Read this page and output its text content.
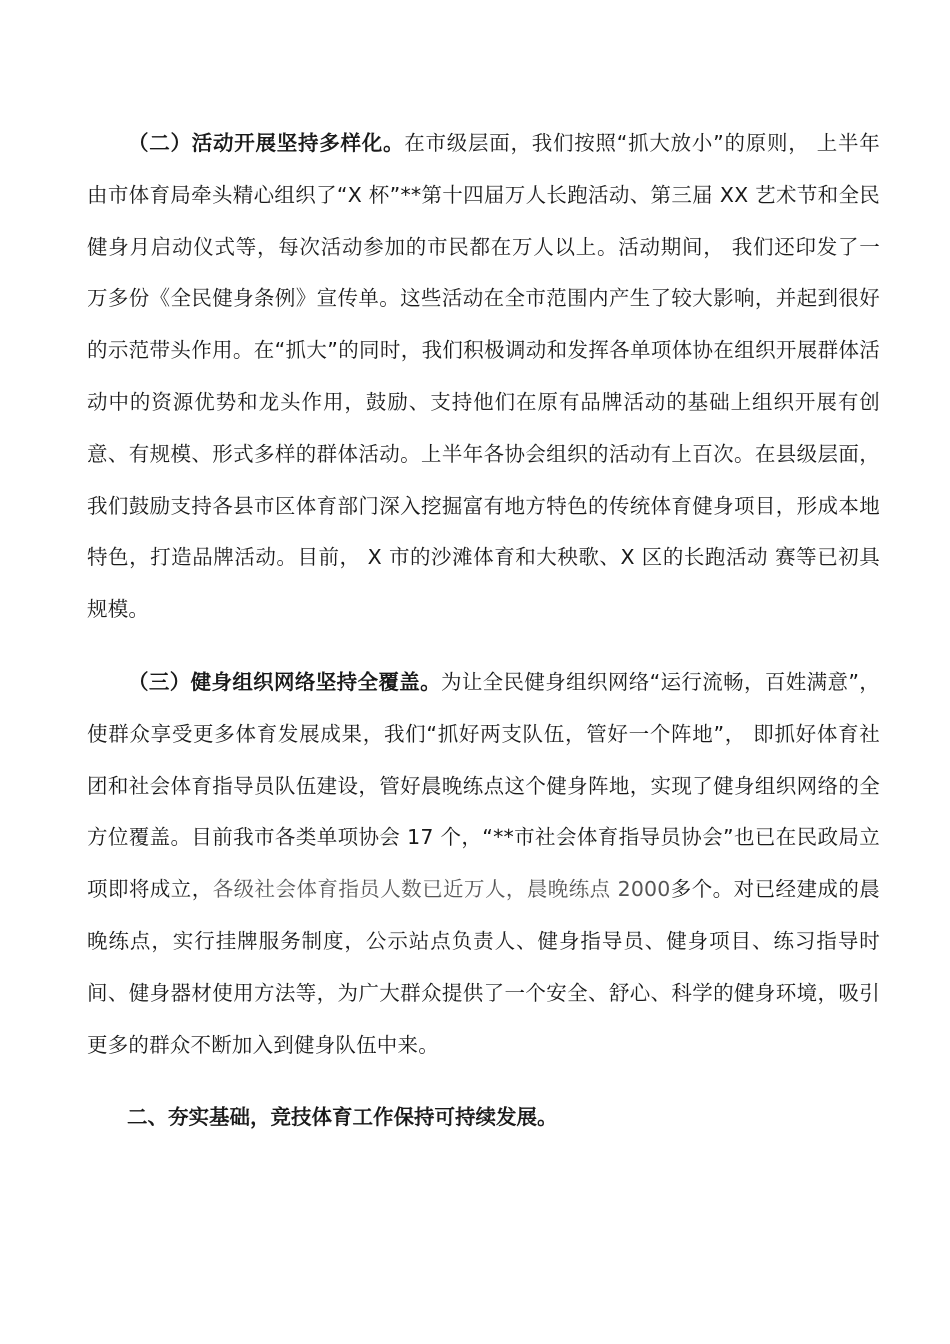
（二）活动开展坚持多样化。在市级层面，我们按照“抓大放小”的原则， 上半年由市体育局牵头精心组织了“X 杯”**第十四届万人长跑活动、第三届 XX 艺术节和全民健身月启动仪式等，每次活动参加的市民都在万人以上。活动期间， 我们还印发了一万多份《全民健身条例》宣传单。这些活动在全市范围内产生了较大影响，并起到很好的示范带头作用。在“抓大”的同时，我们积极调动和发挥各单项体协在组织开展群体活动中的资源优势和龙头作用，鼓励、支持他们在原有品牌活动的基础上组织开展有创意、有规模、形式多样的群体活动。上半年各协会组织的活动有上百次。在县级层面，我们鼓励支持各县市区体育部门深入挖掘富有地方特色的传统体育健身项目，形成本地特色，打造品牌活动。目前， X 市的沙滩体育和大秧歌、X 区的长跑活动 赛等已初具规模。

（三）健身组织网络坚持全覆盖。为让全民健身组织网络“运行流畅，百姓满意”，使群众享受更多体育发展成果，我们“抓好两支队伍，管好一个阵地”， 即抓好体育社团和社会体育指导员队伍建设，管好晨晚练点这个健身阵地，实现了健身组织网络的全方位覆盖。目前我市各类单项协会 17 个，“**市社会体育指导员协会”也已在民政局立项即将成立，各级社会体育指员人数已近万人，晨晚练点 2000多个。对已经建成的晨晚练点，实行挂牌服务制度，公示站点负责人、健身指导员、健身项目、练习指导时间、健身器材使用方法等，为广大群众提供了一个安全、舒心、科学的健身环境，吸引更多的群众不断加入到健身队伍中来。

二、夯实基础，竞技体育工作保持可持续发展。
